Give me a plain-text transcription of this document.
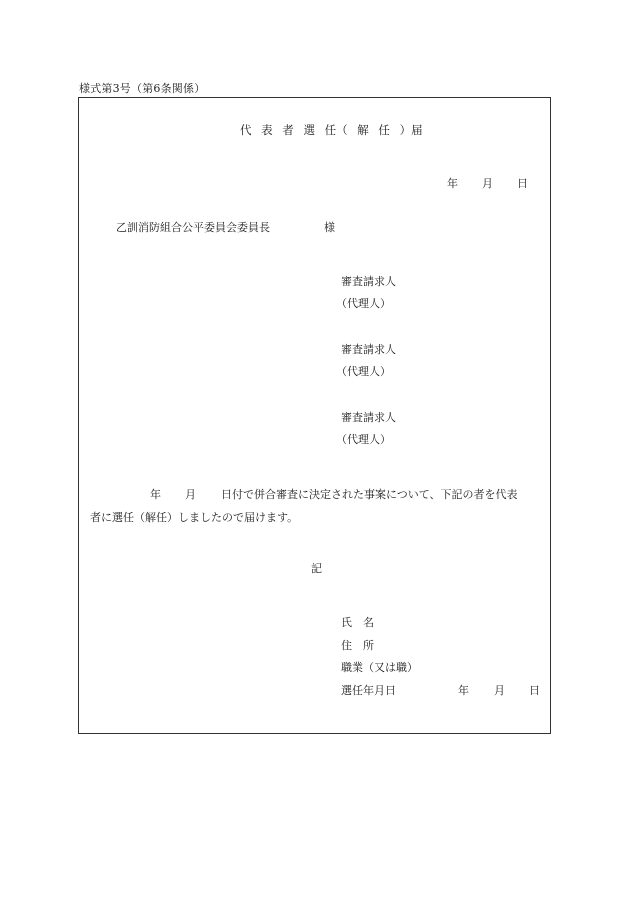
様式第3号（第6条関係）
代 表 者 選 任（ 解 任 ）届
年 月 日
乙訓消防組合公平委員会委員長	様
審査請求人
（代理人）
審査請求人
（代理人）
審査請求人
（代理人）
年 月 日付で併合審査に決定された事案について、下記の者を代表
者に選任（解任）しましたので届けます。
記
氏　名
住　所
職業（又は職）
選任年月日	年 月 日
